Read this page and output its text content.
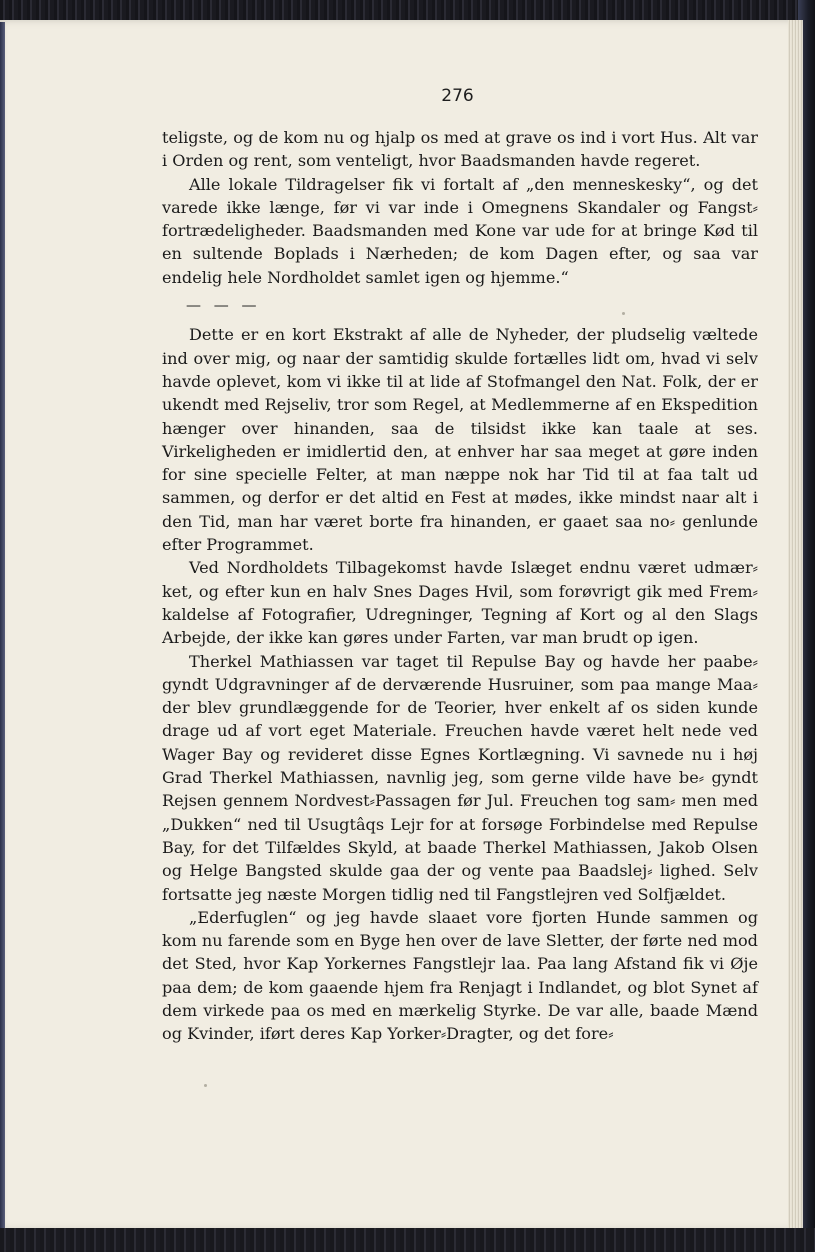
276

teligste, og de kom nu og hjalp os med at grave os ind i vort Hus. Alt var i Orden og rent, som venteligt, hvor Baadsmanden havde regeret.

Alle lokale Tildragelser fik vi fortalt af „den menneskesky“, og det varede ikke længe, før vi var inde i Omegnens Skandaler og Fangst⸗ fortrædeligheder. Baadsmanden med Kone var ude for at bringe Kød til en sultende Boplads i Nærheden; de kom Dagen efter, og saa var endelig hele Nordholdet samlet igen og hjemme.“

— — —

Dette er en kort Ekstrakt af alle de Nyheder, der pludselig væltede ind over mig, og naar der samtidig skulde fortælles lidt om, hvad vi selv havde oplevet, kom vi ikke til at lide af Stofmangel den Nat. Folk, der er ukendt med Rejseliv, tror som Regel, at Medlemmerne af en Ekspedition hænger over hinanden, saa de tilsidst ikke kan taale at ses. Virkeligheden er imidlertid den, at enhver har saa meget at gøre inden for sine specielle Felter, at man næppe nok har Tid til at faa talt ud sammen, og derfor er det altid en Fest at mødes, ikke mindst naar alt i den Tid, man har været borte fra hinanden, er gaaet saa no⸗ genlunde efter Programmet.

Ved Nordholdets Tilbagekomst havde Islæget endnu været udmær⸗ ket, og efter kun en halv Snes Dages Hvil, som forøvrigt gik med Frem⸗ kaldelse af Fotografier, Udregninger, Tegning af Kort og al den Slags Arbejde, der ikke kan gøres under Farten, var man brudt op igen.

Therkel Mathiassen var taget til Repulse Bay og havde her paabe⸗ gyndt Udgravninger af de derværende Husruiner, som paa mange Maa⸗ der blev grundlæggende for de Teorier, hver enkelt af os siden kunde drage ud af vort eget Materiale. Freuchen havde været helt nede ved Wager Bay og revideret disse Egnes Kortlægning. Vi savnede nu i høj Grad Therkel Mathiassen, navnlig jeg, som gerne vilde have be⸗ gyndt Rejsen gennem Nordvest⸗Passagen før Jul. Freuchen tog sam⸗ men med „Dukken“ ned til Usugtâqs Lejr for at forsøge Forbindelse med Repulse Bay, for det Tilfældes Skyld, at baade Therkel Mathiassen, Jakob Olsen og Helge Bangsted skulde gaa der og vente paa Baadslej⸗ lighed. Selv fortsatte jeg næste Morgen tidlig ned til Fangstlejren ved Solfjældet.

„Ederfuglen“ og jeg havde slaaet vore fjorten Hunde sammen og kom nu farende som en Byge hen over de lave Sletter, der førte ned mod det Sted, hvor Kap Yorkernes Fangstlejr laa. Paa lang Afstand fik vi Øje paa dem; de kom gaaende hjem fra Renjagt i Indlandet, og blot Synet af dem virkede paa os med en mærkelig Styrke. De var alle, baade Mænd og Kvinder, iført deres Kap Yorker⸗Dragter, og det fore⸗
